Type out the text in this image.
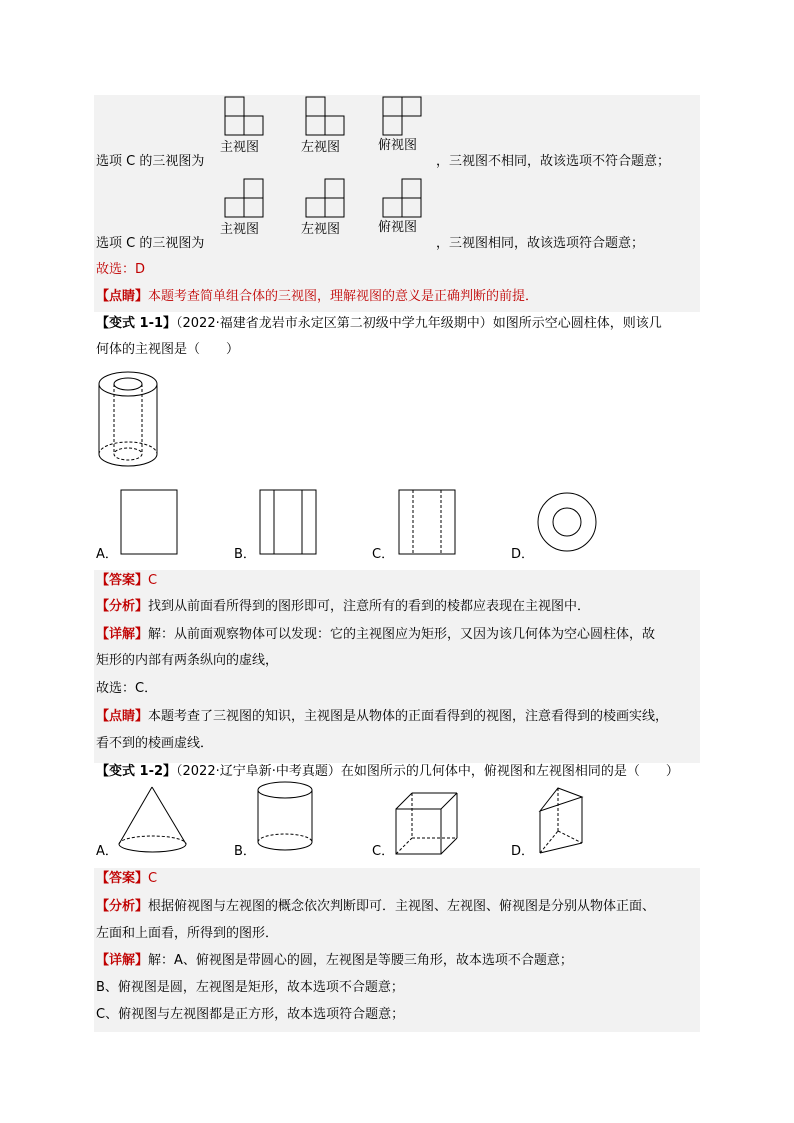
主视图	左视图	俯视图
选项 C 的三视图为	，三视图不相同，故该选项不符合题意；
主视图	左视图	俯视图
选项 C 的三视图为	，三视图相同，故该选项符合题意；
故选：D
【点睛】本题考查简单组合体的三视图，理解视图的意义是正确判断的前提．
【变式 1-1】（2022·福建省龙岩市永定区第二初级中学九年级期中）如图所示空心圆柱体，则该几
何体的主视图是（　　）
A．	B．	C．	D．
【答案】C
【分析】找到从前面看所得到的图形即可，注意所有的看到的棱都应表现在主视图中．
【详解】解：从前面观察物体可以发现：它的主视图应为矩形，又因为该几何体为空心圆柱体，故
矩形的内部有两条纵向的虚线，
故选：C．
【点睛】本题考查了三视图的知识，主视图是从物体的正面看得到的视图，注意看得到的棱画实线，
看不到的棱画虚线．
【变式 1-2】（2022·辽宁阜新·中考真题）在如图所示的几何体中，俯视图和左视图相同的是（　　）
A．	B．	C．	D．
【答案】C
【分析】根据俯视图与左视图的概念依次判断即可．主视图、左视图、俯视图是分别从物体正面、
左面和上面看，所得到的图形．
【详解】解：A、俯视图是带圆心的圆，左视图是等腰三角形，故本选项不合题意；
B、俯视图是圆，左视图是矩形，故本选项不合题意；
C、俯视图与左视图都是正方形，故本选项符合题意；
